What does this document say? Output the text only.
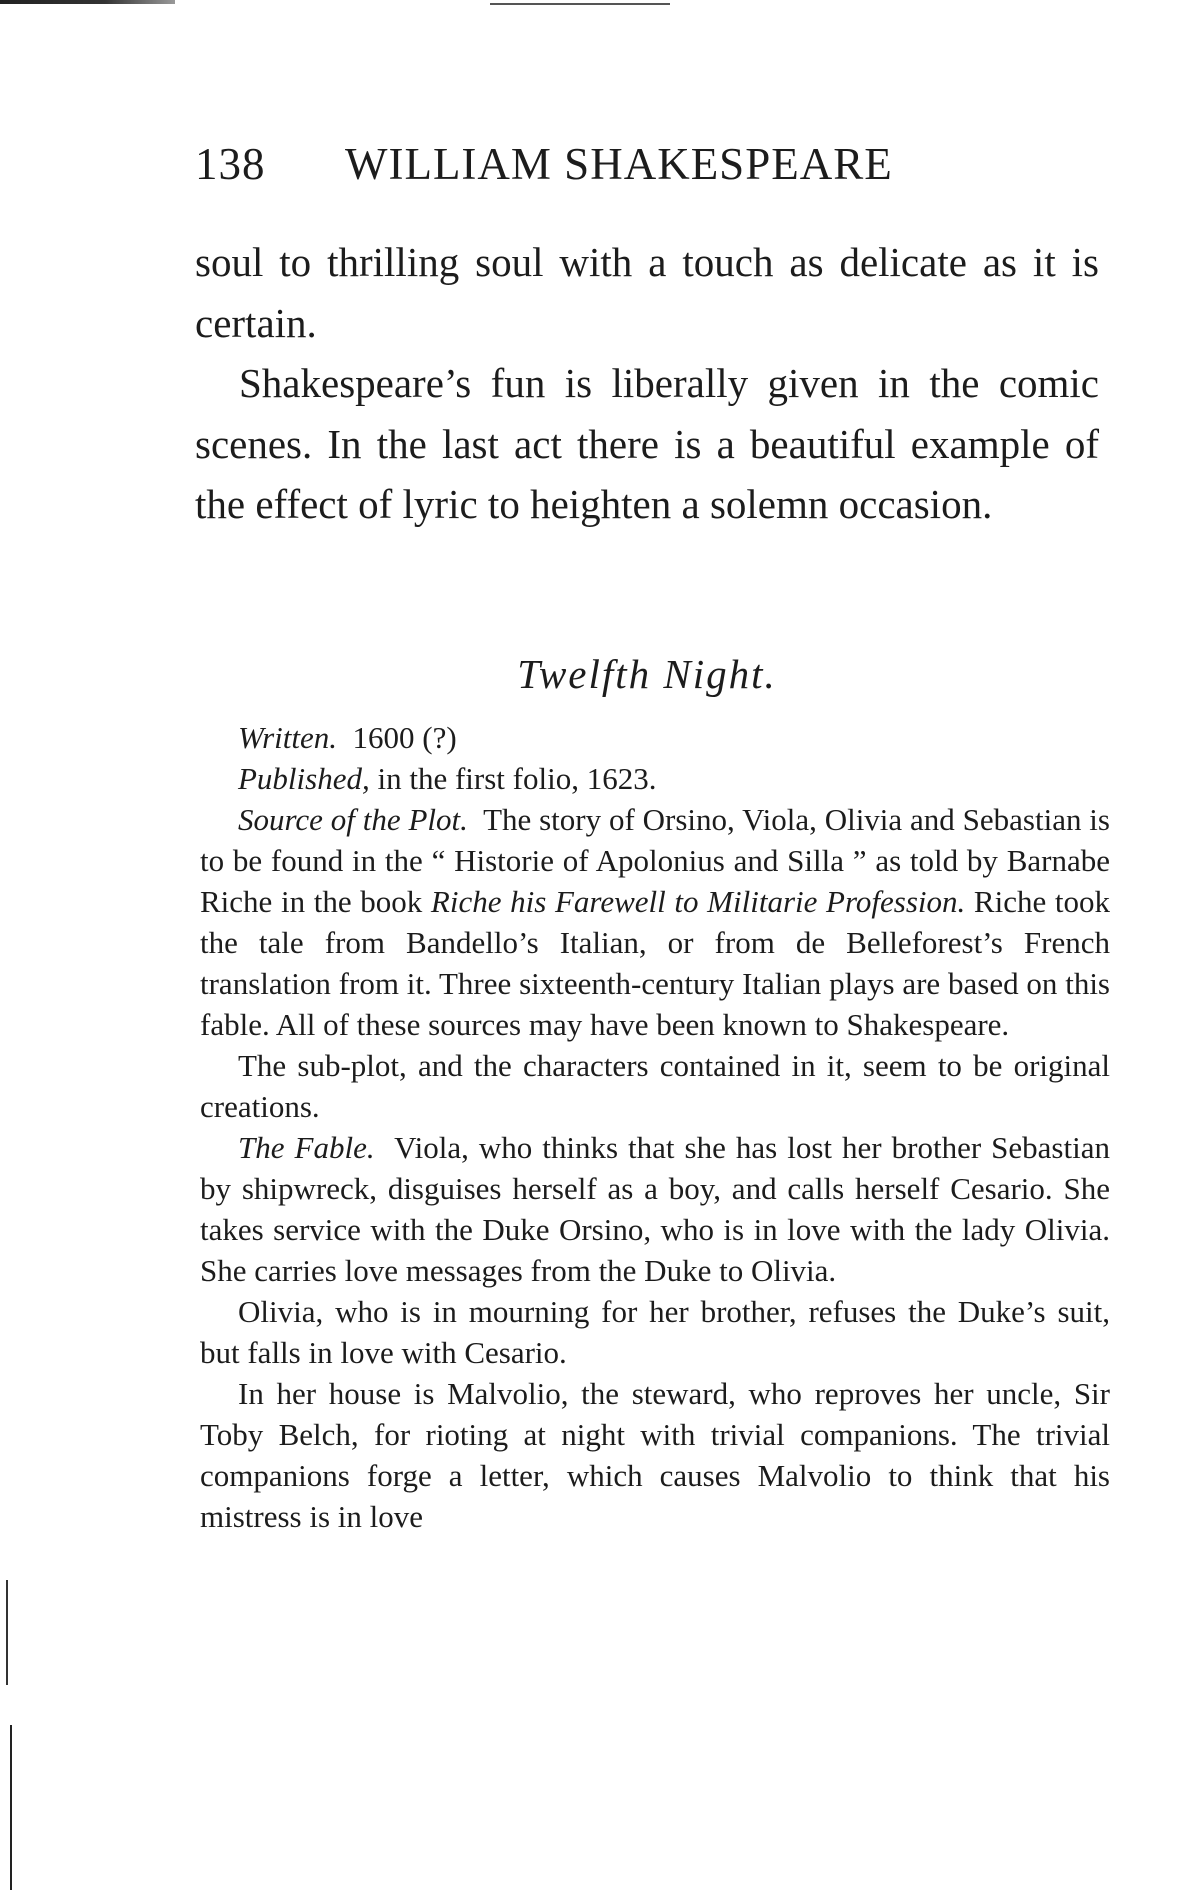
138 WILLIAM SHAKESPEARE

soul to thrilling soul with a touch as delicate as it is certain.

Shakespeare’s fun is liberally given in the comic scenes. In the last act there is a beautiful example of the effect of lyric to heighten a solemn occasion.

Twelfth Night.

Written. 1600 (?)

Published, in the first folio, 1623.

Source of the Plot. The story of Orsino, Viola, Olivia and Sebastian is to be found in the “ Historie of Apolonius and Silla ” as told by Barnabe Riche in the book Riche his Farewell to Militarie Profession. Riche took the tale from Bandello’s Italian, or from de Belleforest’s French translation from it. Three sixteenth-century Italian plays are based on this fable. All of these sources may have been known to Shakespeare.

The sub-plot, and the characters contained in it, seem to be original creations.

The Fable. Viola, who thinks that she has lost her brother Sebastian by shipwreck, disguises herself as a boy, and calls herself Cesario. She takes service with the Duke Orsino, who is in love with the lady Olivia. She carries love messages from the Duke to Olivia.

Olivia, who is in mourning for her brother, refuses the Duke’s suit, but falls in love with Cesario.

In her house is Malvolio, the steward, who reproves her uncle, Sir Toby Belch, for rioting at night with trivial companions. The trivial companions forge a letter, which causes Malvolio to think that his mistress is in love
